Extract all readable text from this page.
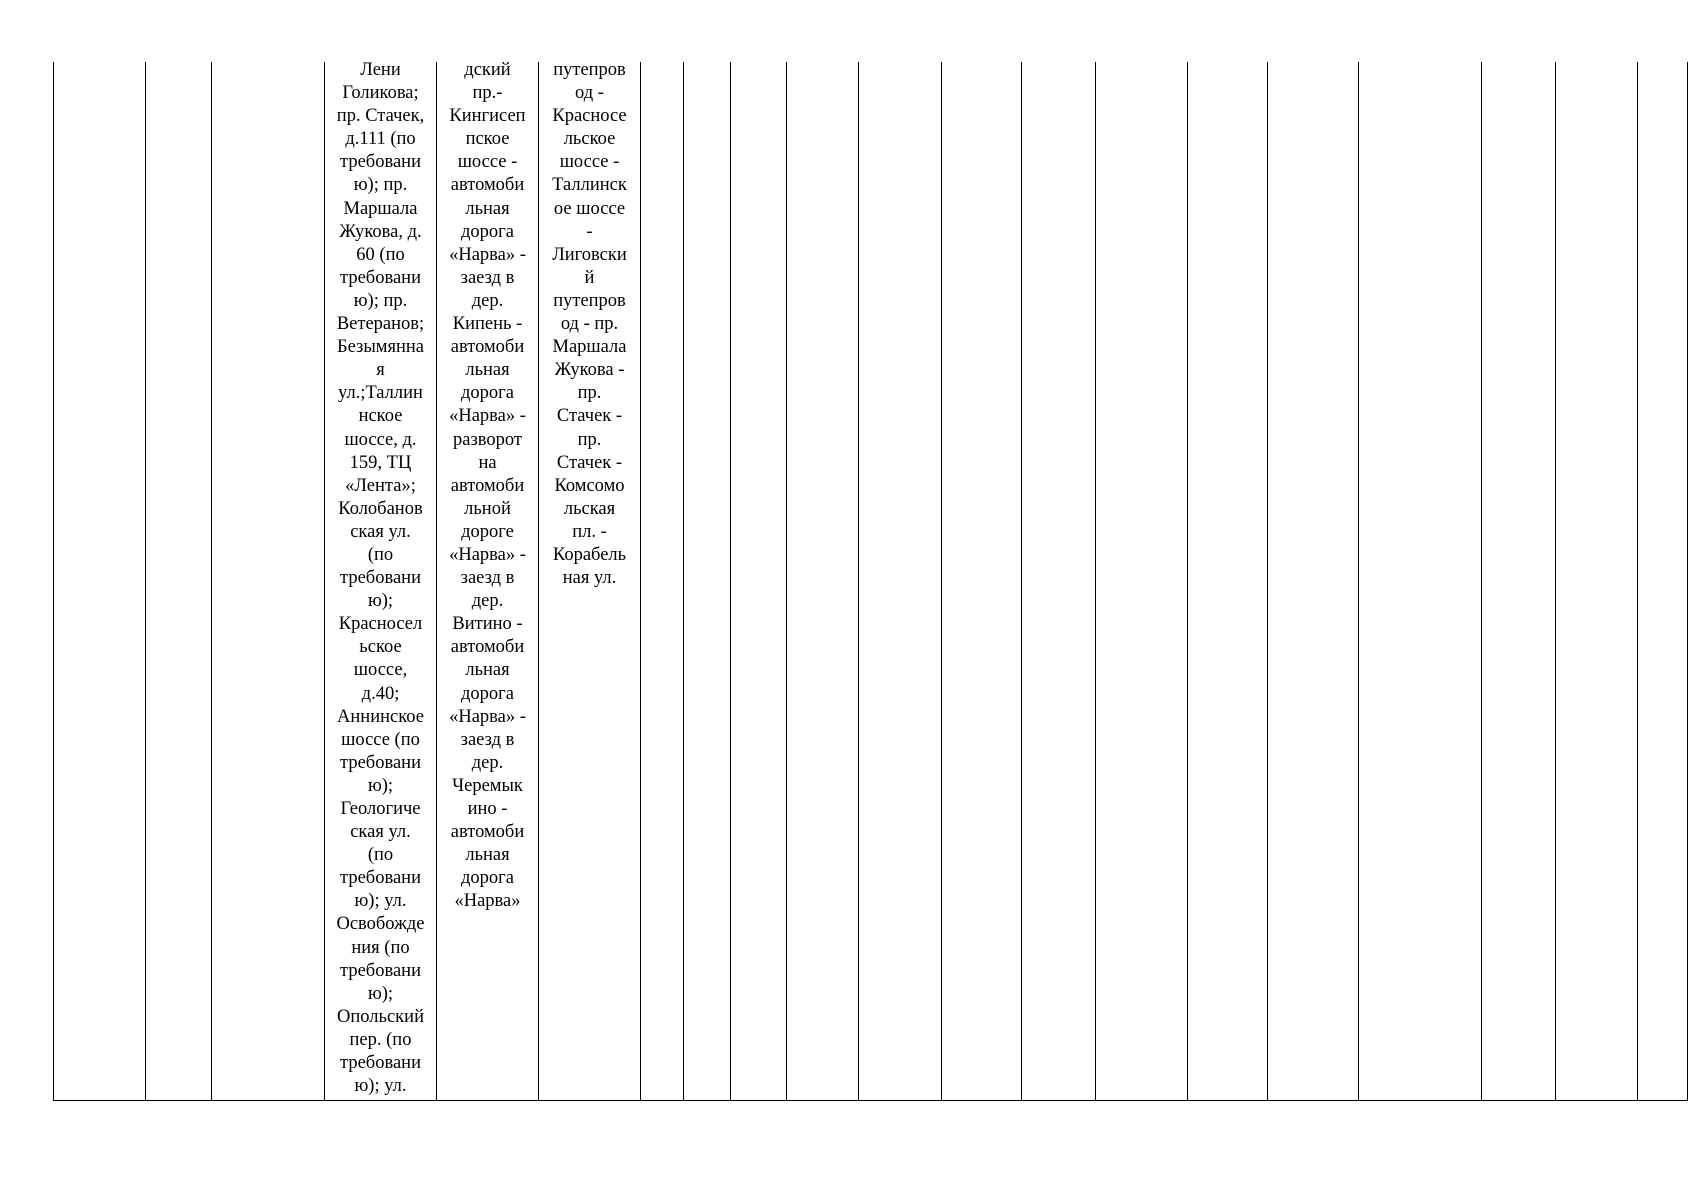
Лени
Голикова;
пр. Стачек,
д.111 (по
требовани
ю); пр.
Маршала
Жукова, д.
60 (по
требовани
ю); пр.
Ветеранов;
Безымянна
я
ул.;Таллин
нское
шоссе, д.
159, ТЦ
«Лента»;
Колобанов
ская ул.
(по
требовани
ю);
Красносел
ьское
шоссе,
д.40;
Аннинское
шоссе (по
требовани
ю);
Геологиче
ская ул.
(по
требовани
ю); ул.
Освобожде
ния (по
требовани
ю);
Опольский
пер. (по
требовани
ю); ул.

дский
пр.-
Кингисеп
пское
шоссе -
автомоби
льная
дорога
«Нарва» -
заезд в
дер.
Кипень -
автомоби
льная
дорога
«Нарва» -
разворот
на
автомоби
льной
дороге
«Нарва» -
заезд в
дер.
Витино -
автомоби
льная
дорога
«Нарва» -
заезд в
дер.
Черемык
ино -
автомоби
льная
дорога
«Нарва»

путепров
од -
Красносе
льское
шоссе -
Таллинск
ое шоссе
-
Лиговски
й
путепров
од - пр.
Маршала
Жукова -
пр.
Стачек -
пр.
Стачек -
Комсомо
льская
пл. -
Корабель
ная ул.
